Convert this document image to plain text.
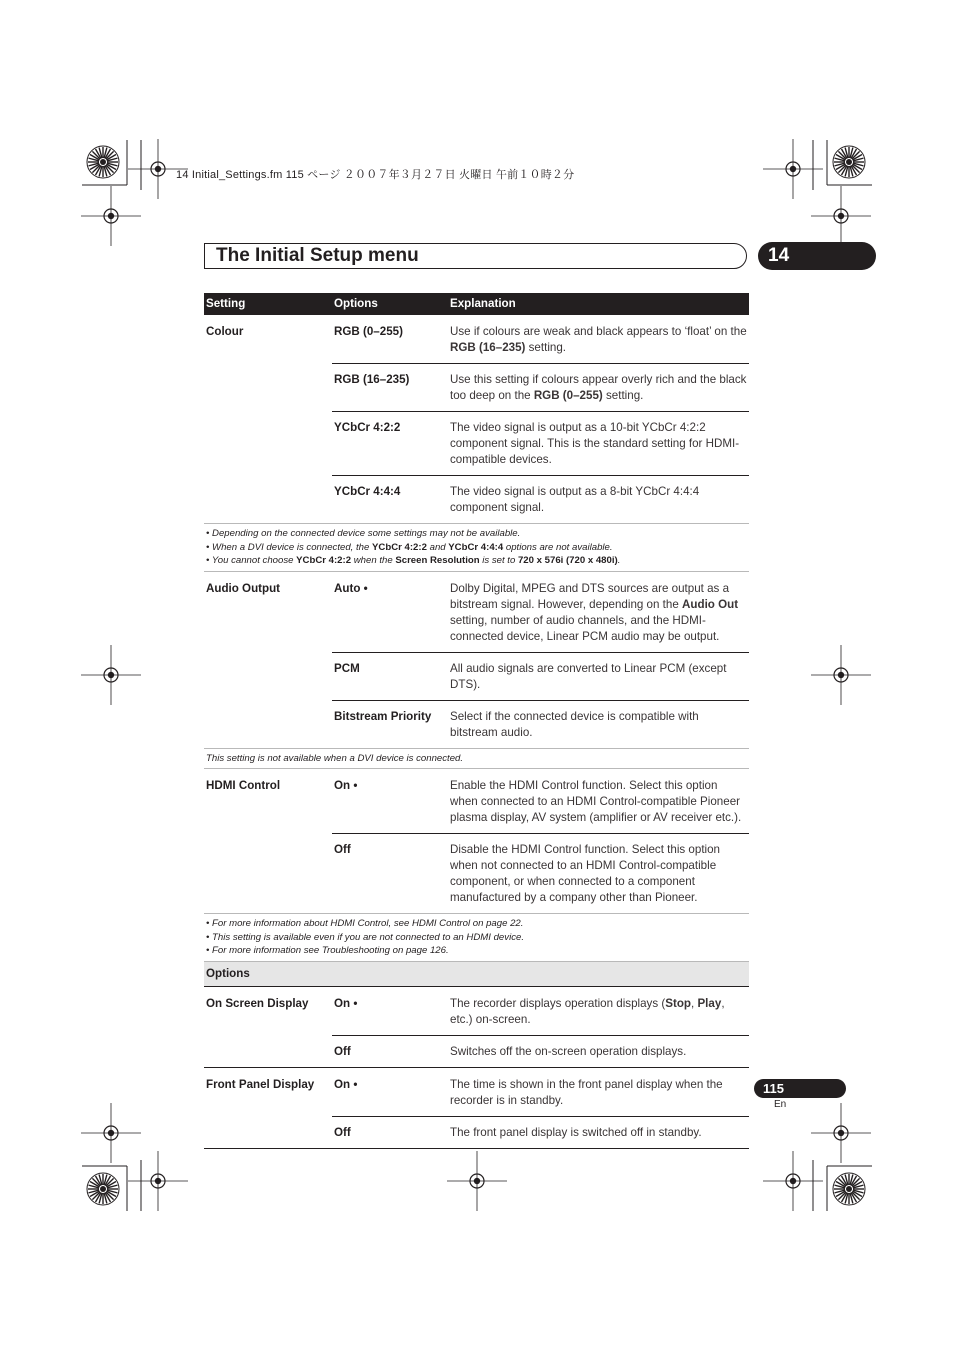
14 Initial_Settings.fm 115 ページ ２００７年３月２７日 火曜日 午前１０時２分
The Initial Setup menu	14
Setting	Options	Explanation
Colour	RGB (0–255)	Use if colours are weak and black appears to ‘float’ on the RGB (16–235) setting.
	RGB (16–235)	Use this setting if colours appear overly rich and the black too deep on the RGB (0–255) setting.
	YCbCr 4:2:2	The video signal is output as a 10-bit YCbCr 4:2:2 component signal. This is the standard setting for HDMI-compatible devices.
	YCbCr 4:4:4	The video signal is output as a 8-bit YCbCr 4:4:4 component signal.

• Depending on the connected device some settings may not be available.
• When a DVI device is connected, the YCbCr 4:2:2 and YCbCr 4:4:4 options are not available.
• You cannot choose YCbCr 4:2:2 when the Screen Resolution is set to 720 x 576i (720 x 480i).

Audio Output	Auto •	Dolby Digital, MPEG and DTS sources are output as a bitstream signal. However, depending on the Audio Out setting, number of audio channels, and the HDMI-connected device, Linear PCM audio may be output.
	PCM	All audio signals are converted to Linear PCM (except DTS).
	Bitstream Priority	Select if the connected device is compatible with bitstream audio.
This setting is not available when a DVI device is connected.		
HDMI Control	On •	Enable the HDMI Control function. Select this option when connected to an HDMI Control-compatible Pioneer plasma display, AV system (amplifier or AV receiver etc.).
	Off	Disable the HDMI Control function. Select this option when not connected to an HDMI Control-compatible component, or when connected to a component manufactured by a company other than Pioneer.

• For more information about HDMI Control, see HDMI Control on page 22.
• This setting is available even if you are not connected to an HDMI device.
• For more information see Troubleshooting on page 126.

Options		
On Screen Display	On •	The recorder displays operation displays (Stop, Play, etc.) on-screen.
	Off	Switches off the on-screen operation displays.
Front Panel Display	On •	The time is shown in the front panel display when the recorder is in standby.
	Off	The front panel display is switched off in standby.
115
En
